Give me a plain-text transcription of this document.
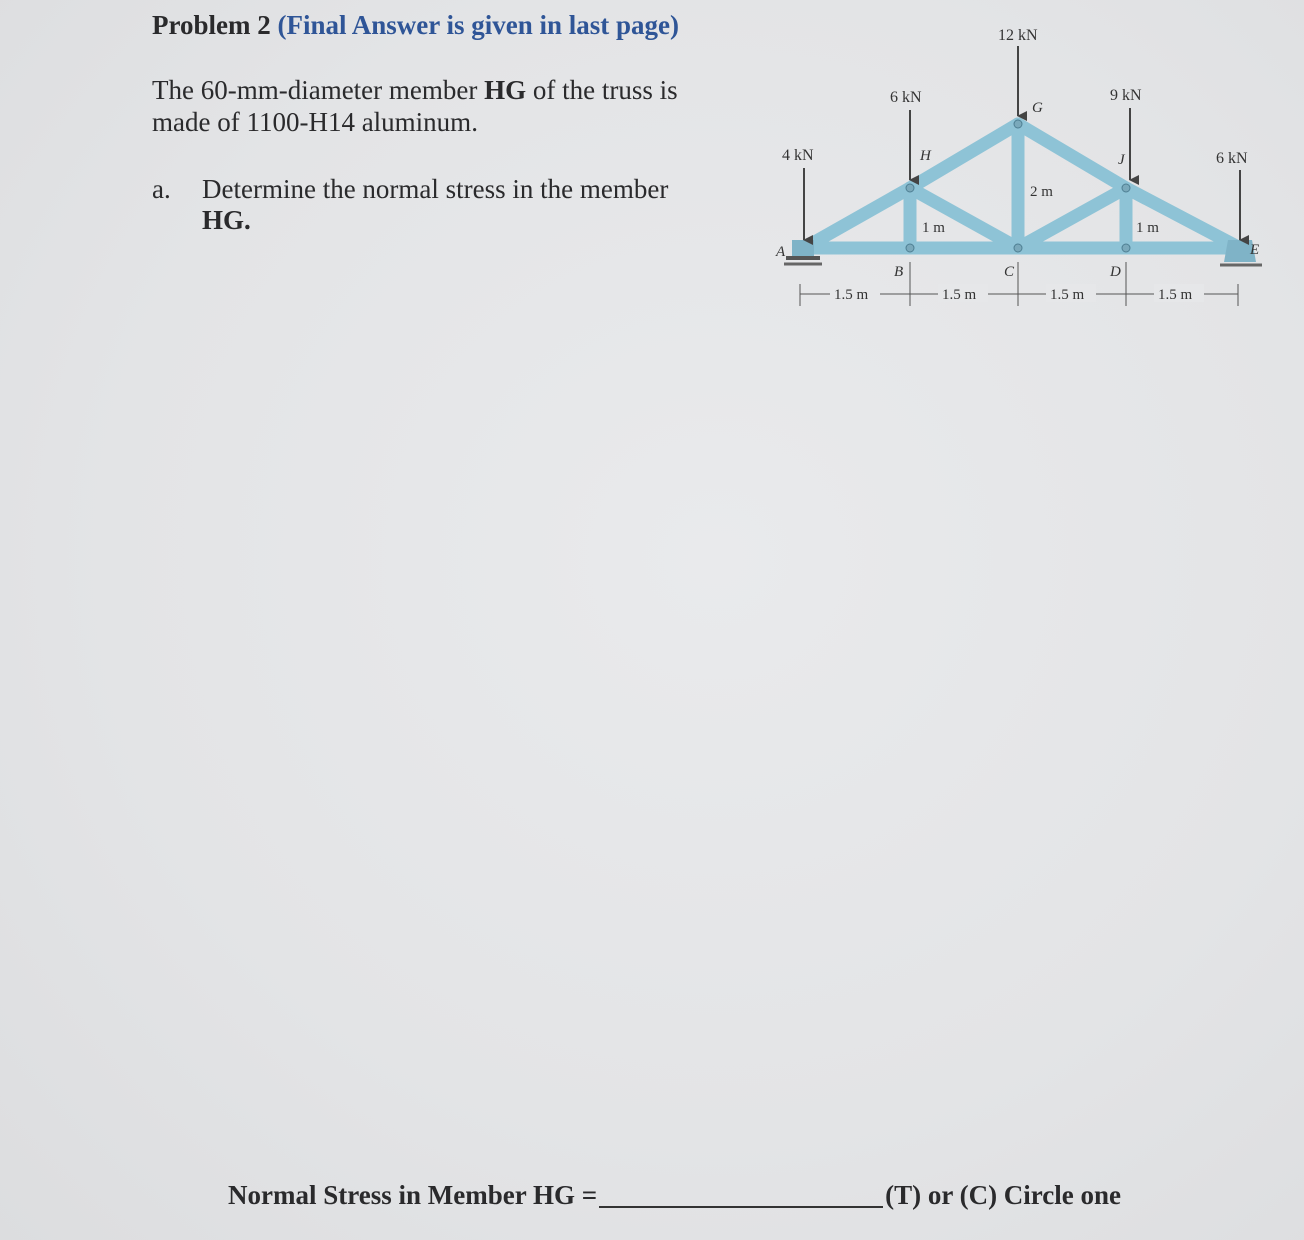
Problem 2 (Final Answer is given in last page)
The 60-mm-diameter member HG of the truss is made of 1100-H14 aluminum.
a. Determine the normal stress in the member
HG.
4 kN
6 kN
12 kN
9 kN
6 kN
A
B	C	D
E
G
H	J
2 m
1 m	1 m
1.5 m	1.5 m	1.5 m	1.5 m
Normal Stress in Member HG =	(T) or (C) Circle one
